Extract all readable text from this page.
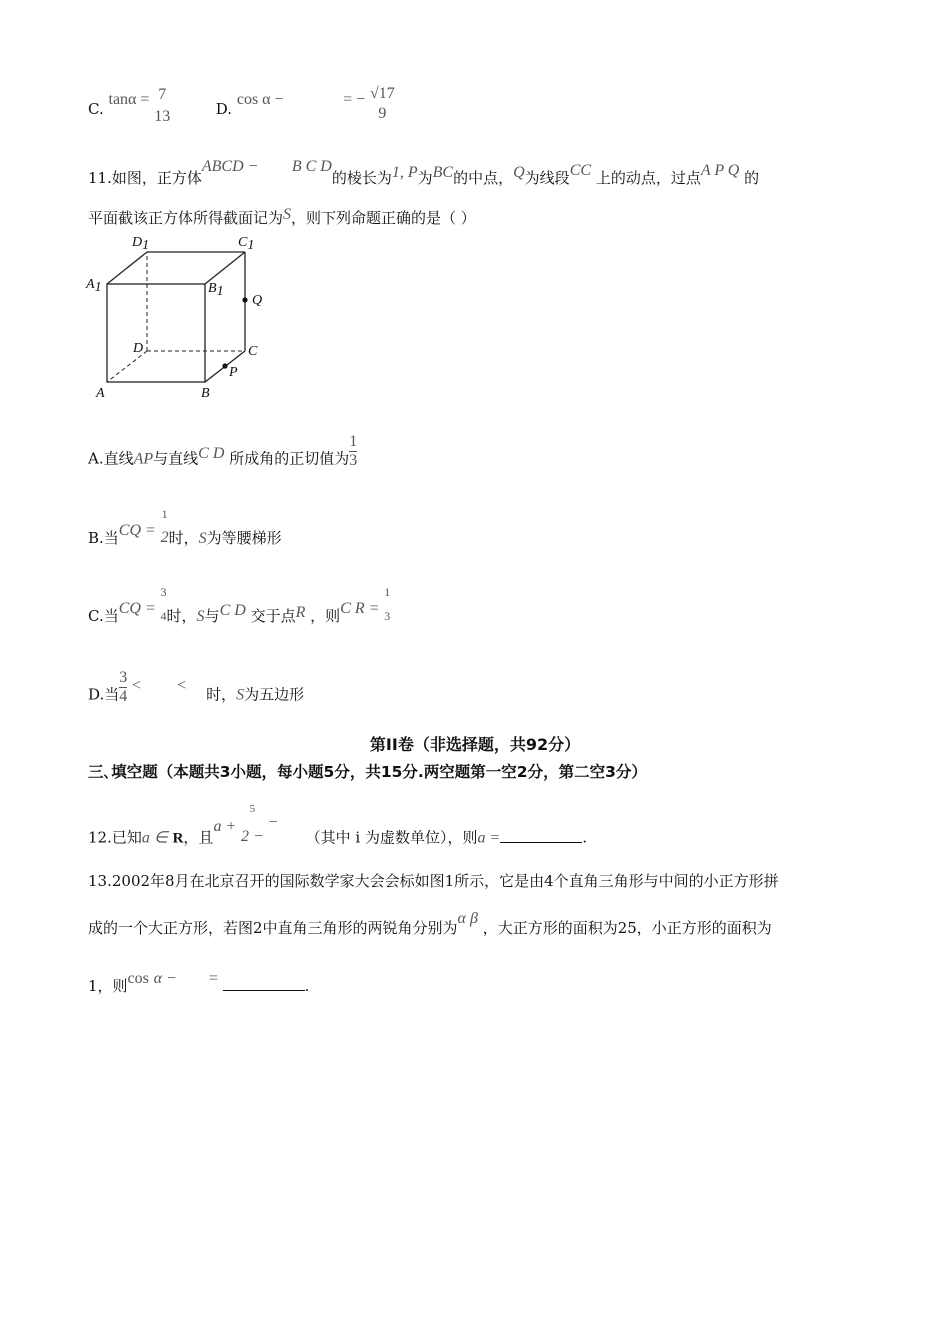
C. tanα = 7
13	D. cos α −	= − √17
9
11.如图，正方体ABCD − B C D的棱长为1, P为BC的中点，Q为线段CC 上的动点，过点A P Q 的
平面截该正方体所得截面记为S，则下列命题正确的是（ ）
D1	C1
A1	B1
Q
D	C
P
A	B
A.直线AP与直线C D 所成角的正切值为 $\frac{1}{3}$
B.当CQ =
1
2 时，S为等腰梯形
C.当CQ =
3
4 时，S与C D 交于点R ，则C R =
1
3
D.当 $\frac{3}{4}$ < <时，S为五边形
第II卷（非选择题，共92分）
三､填空题（本题共3小题，每小题5分，共15分.两空题第一空2分，第二空3分）
12.已知a ∈ R，且a +
5
2 −
−（其中 i 为虚数单位），则a =	.
13.2002年8月在北京召开的国际数学家大会会标如图1所示，它是由4个直角三角形与中间的小正方形拼
成的一个大正方形，若图2中直角三角形的两锐角分别为α β ，大正方形的面积为25，小正方形的面积为
1，则cos α − =	.
